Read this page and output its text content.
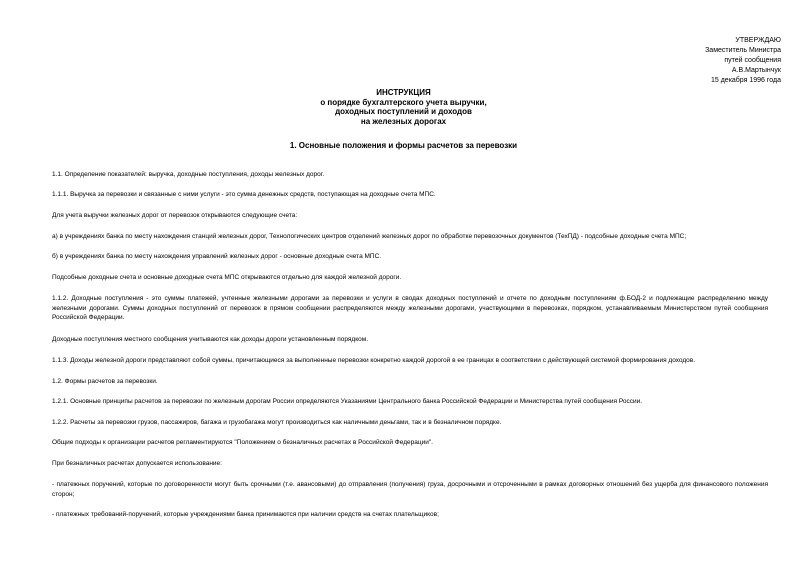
УТВЕРЖДАЮ
Заместитель Министра
путей сообщения
А.В.Мартынчук
15 декабря 1996 года
ИНСТРУКЦИЯ
о порядке бухгалтерского учета выручки,
доходных поступлений и доходов
на железных дорогах
1. Основные положения и формы расчетов за перевозки
1.1. Определение показателей: выручка, доходные поступления, доходы железных дорог.
1.1.1. Выручка за перевозки и связанные с ними услуги - это сумма денежных средств, поступающая на доходные счета МПС.
Для учета выручки железных дорог от перевозок открываются следующие счета:
а) в учреждениях банка по месту нахождения станций железных дорог, Технологических центров отделений железных дорог по обработке перевозочных документов (ТехПД) - подсобные доходные счета МПС;
б) в учреждениях банка по месту нахождения управлений железных дорог - основные доходные счета МПС.
Подсобные доходные счета и основные доходные счета МПС открываются отдельно для каждой железной дороги.
1.1.2. Доходные поступления - это суммы платежей, учтенные железными дорогами за перевозки и услуги в сводах доходных поступлений и отчете по доходным поступлениям ф.БОД-2 и подлежащие распределению между железными дорогами. Суммы доходных поступлений от перевозок в прямом сообщении распределяются между железными дорогами, участвующими в перевозках, порядком, устанавливаемым Министерством путей сообщения Российской Федерации.
Доходные поступления местного сообщения учитываются как доходы дороги установленным порядком.
1.1.3. Доходы железной дороги представляют собой суммы, причитающиеся за выполненные перевозки конкретно каждой дорогой в ее границах в соответствии с действующей системой формирования доходов.
1.2. Формы расчетов за перевозки.
1.2.1. Основные принципы расчетов за перевозки по железным дорогам России определяются Указаниями Центрального банка Российской Федерации и Министерства путей сообщения России.
1.2.2. Расчеты за перевозки грузов, пассажиров, багажа и грузобагажа могут производиться как наличными деньгами, так и в безналичном порядке.
Общие подходы к организации расчетов регламентируются "Положением о безналичных расчетах в Российской Федерации".
При безналичных расчетах допускается использование:
- платежных поручений, которые по договоренности могут быть срочными (т.е. авансовыми) до отправления (получения) груза, досрочными и отсроченными в рамках договорных отношений без ущерба для финансового положения сторон;
- платежных требований-поручений, которые учреждениями банка принимаются при наличии средств на счетах плательщиков;
